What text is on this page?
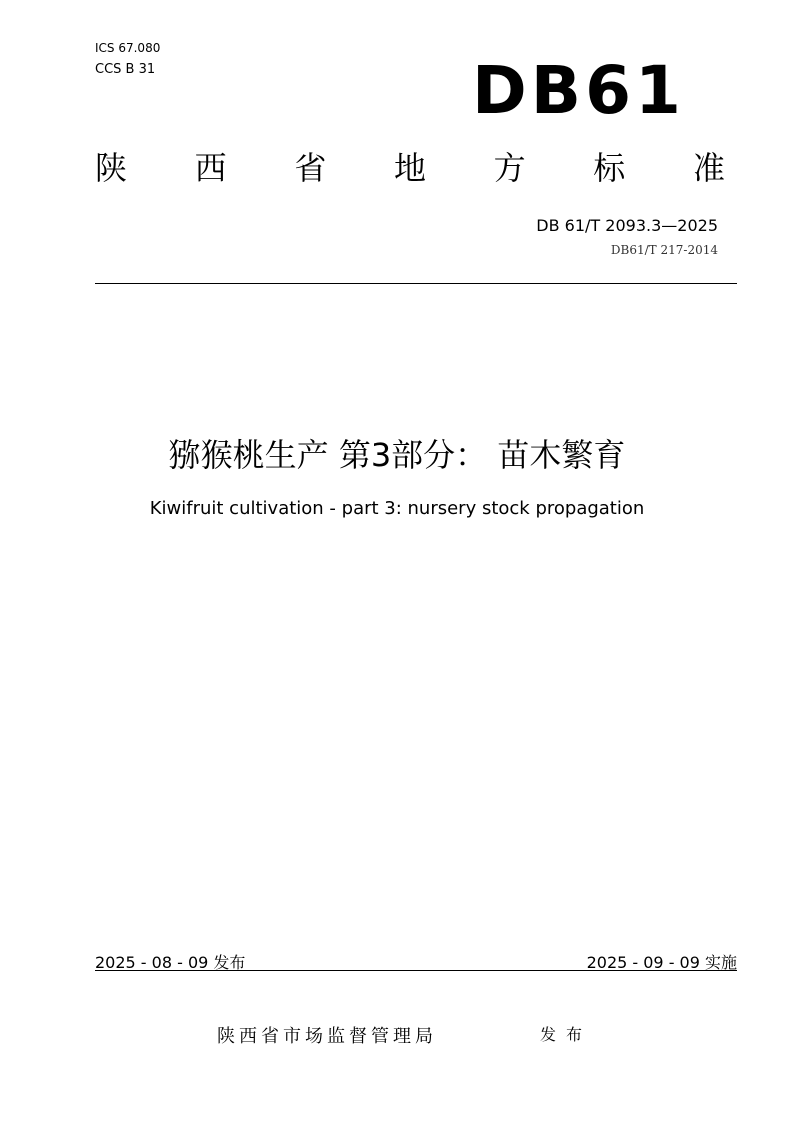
ICS 67.080
CCS B 31	DB61
陕 西 省 地 方 标 准
DB 61/T 2093.3—2025
DB61/T 217-2014
猕猴桃生产 第3部分： 苗木繁育
Kiwifruit cultivation - part 3: nursery stock propagation
2025 - 08 - 09 发布	2025 - 09 - 09 实施
陕西省市场监督管理局	发布
